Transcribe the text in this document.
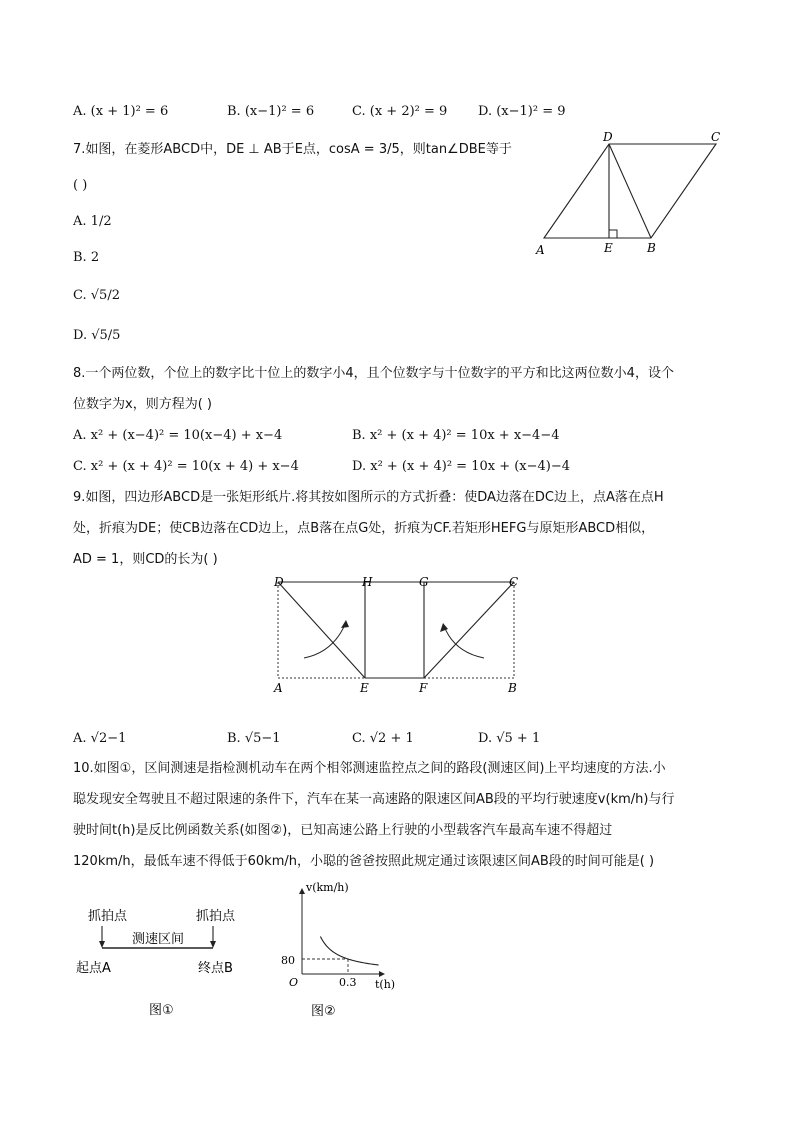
A. (x + 1)² = 6	B. (x−1)² = 6	C. (x + 2)² = 9 D. (x−1)² = 9
7.如图，在菱形ABCD中，DE ⊥ AB于E点，cosA = 3/5，则tan∠DBE等于
( )
A. 1/2
B. 2
C. √5/2
D. √5/5
D	C
A	E	B
8.一个两位数，个位上的数字比十位上的数字小4，且个位数字与十位数字的平方和比这两位数小4，设个
位数字为x，则方程为( )
A. x² + (x−4)² = 10(x−4) + x−4	B. x² + (x + 4)² = 10x + x−4−4
C. x² + (x + 4)² = 10(x + 4) + x−4	D. x² + (x + 4)² = 10x + (x−4)−4
9.如图，四边形ABCD是一张矩形纸片.将其按如图所示的方式折叠：使DA边落在DC边上，点A落在点H
处，折痕为DE；使CB边落在CD边上，点B落在点G处，折痕为CF.若矩形HEFG与原矩形ABCD相似，
AD = 1，则CD的长为( )
D	H	G	C
A	E	F	B
A. √2−1	B. √5−1	C. √2 + 1	D. √5 + 1
10.如图①，区间测速是指检测机动车在两个相邻测速监控点之间的路段(测速区间)上平均速度的方法.小
聪发现安全驾驶且不超过限速的条件下，汽车在某一高速路的限速区间AB段的平均行驶速度v(km/h)与行
驶时间t(h)是反比例函数关系(如图②)，已知高速公路上行驶的小型载客汽车最高车速不得超过
120km/h，最低车速不得低于60km/h，小聪的爸爸按照此规定通过该限速区间AB段的时间可能是( )
抓拍点	抓拍点
测速区间
起点A	终点B
图①
v(km/h)
t(h)
O
80
0.3
图②
